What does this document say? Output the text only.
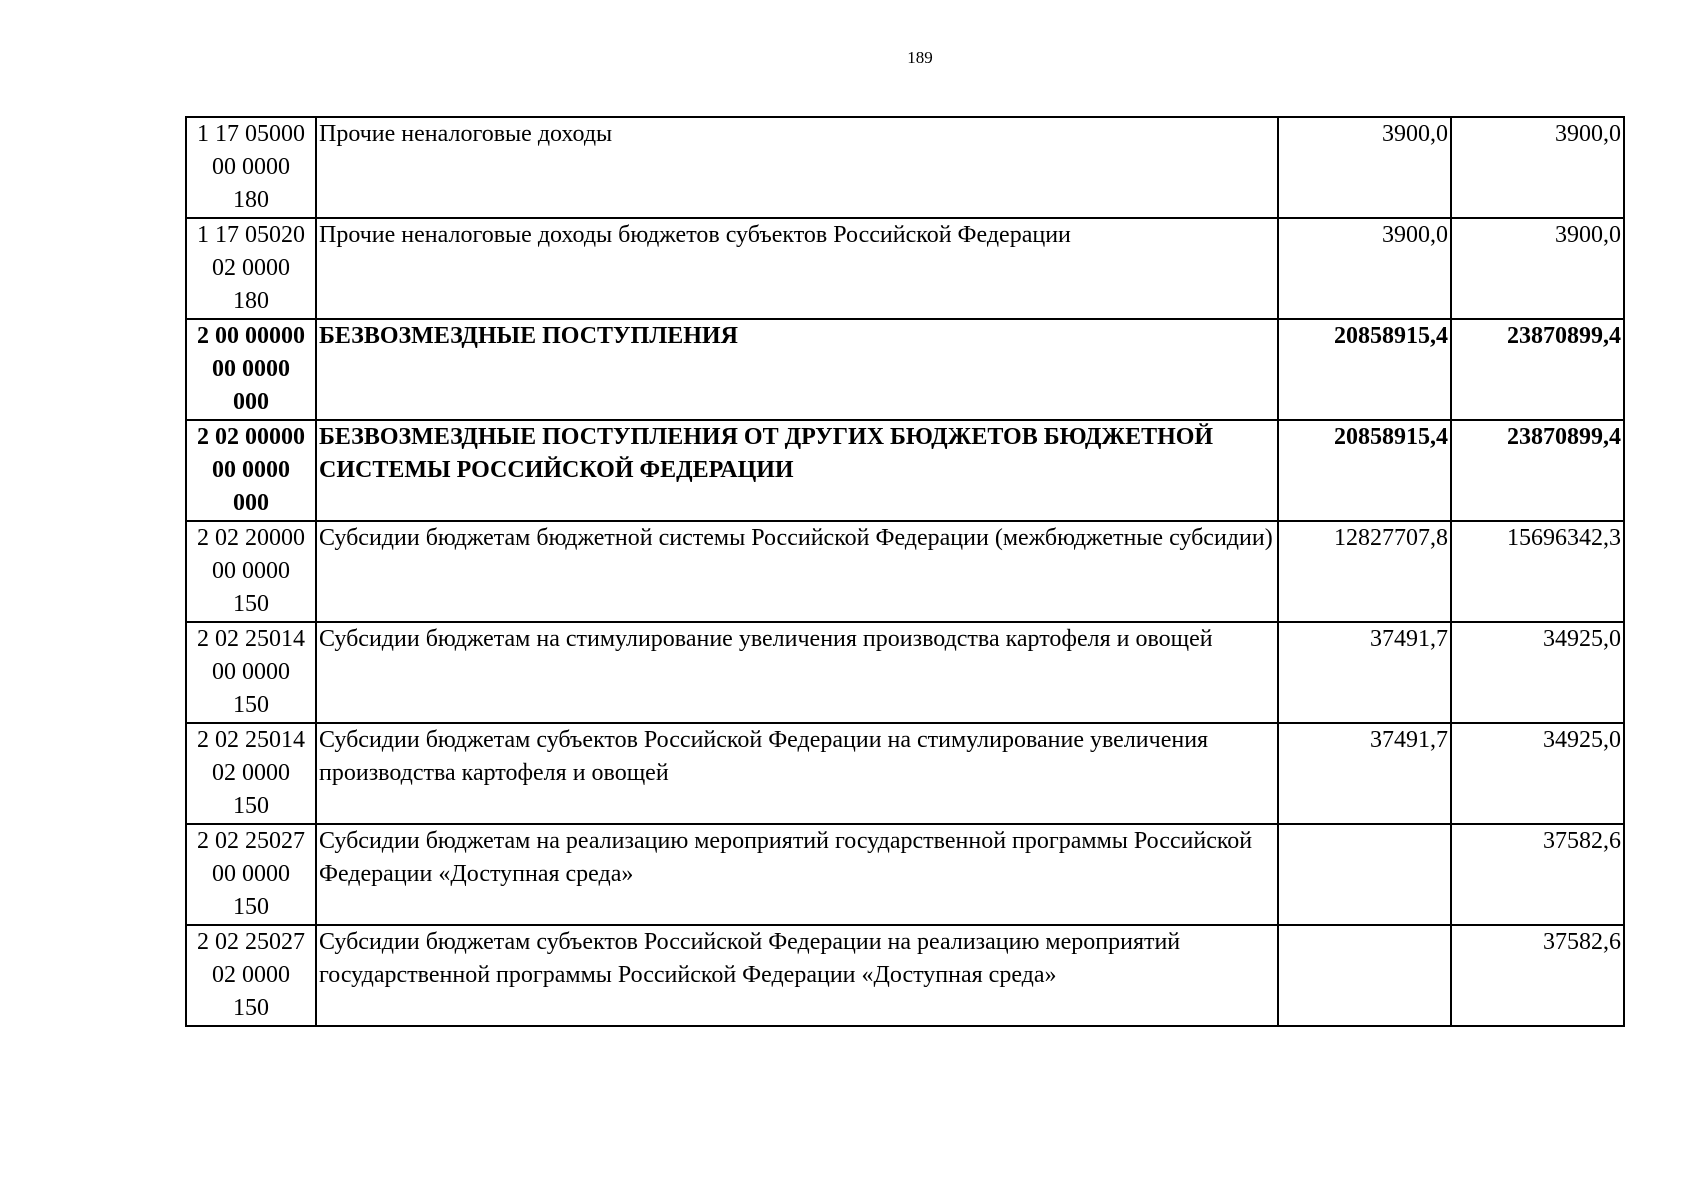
189
1 17 05000
00 0000
180	Прочие неналоговые доходы	3900,0	3900,0

1 17 05020
02 0000
180	Прочие неналоговые доходы бюджетов субъектов Российской Федерации	3900,0	3900,0

2 00 00000
00 0000
000	БЕЗВОЗМЕЗДНЫЕ ПОСТУПЛЕНИЯ	20858915,4	23870899,4

2 02 00000
00 0000
000	БЕЗВОЗМЕЗДНЫЕ ПОСТУПЛЕНИЯ ОТ ДРУГИХ БЮДЖЕТОВ БЮДЖЕТНОЙ СИСТЕМЫ РОССИЙСКОЙ ФЕДЕРАЦИИ	20858915,4	23870899,4

2 02 20000
00 0000
150	Субсидии бюджетам бюджетной системы Российской Федерации (межбюджетные субсидии)	12827707,8	15696342,3

2 02 25014
00 0000
150	Субсидии бюджетам на стимулирование увеличения производства картофеля и овощей	37491,7	34925,0

2 02 25014
02 0000
150	Субсидии бюджетам субъектов Российской Федерации на стимулирование увеличения производства картофеля и овощей	37491,7	34925,0

2 02 25027
00 0000
150	Субсидии бюджетам на реализацию мероприятий государственной программы Российской Федерации «Доступная среда»		37582,6

2 02 25027
02 0000
150	Субсидии бюджетам субъектов Российской Федерации на реализацию мероприятий государственной программы Российской Федерации «Доступная среда»		37582,6
